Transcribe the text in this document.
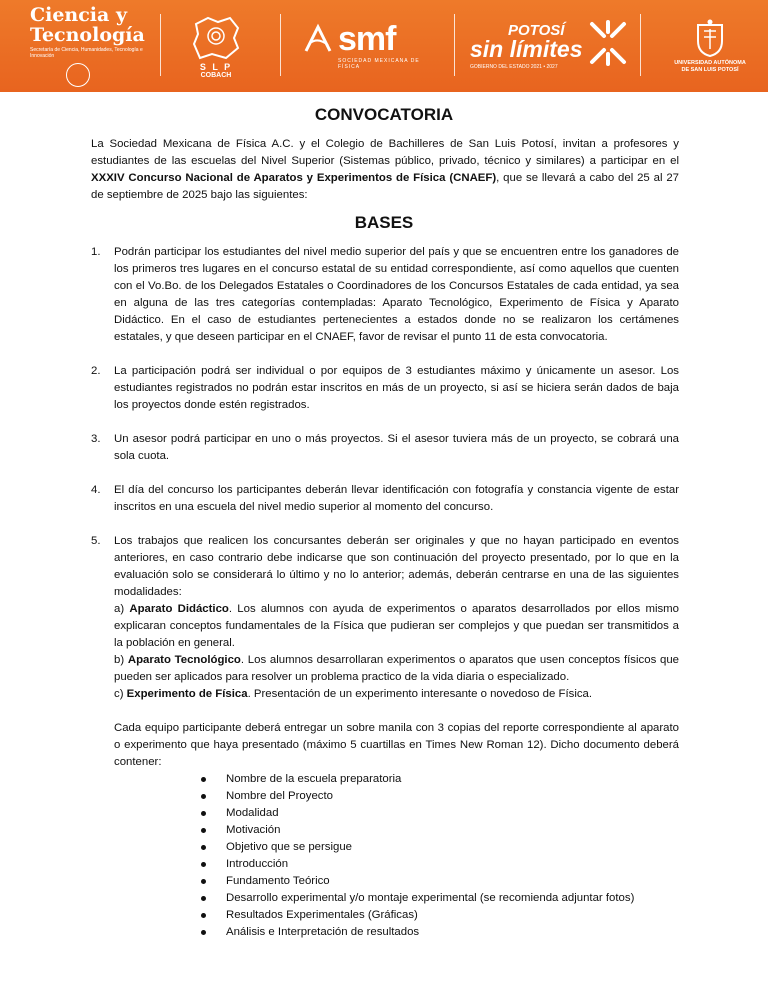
Ciencia y
Tecnología
Secretaría de Ciencia, Humanidades, Tecnología e Innovación
S L P
COBACH
smf
SOCIEDAD MEXICANA DE FÍSICA
POTOSÍ
sin límites
GOBIERNO DEL ESTADO 2021 • 2027
UNIVERSIDAD AUTÓNOMA
DE SAN LUIS POTOSÍ
CONVOCATORIA

La Sociedad Mexicana de Física A.C. y el Colegio de Bachilleres de San Luis Potosí, invitan a profesores y estudiantes de las escuelas del Nivel Superior (Sistemas público, privado, técnico y similares) a participar en el XXXIV Concurso Nacional de Aparatos y Experimentos de Física (CNAEF), que se llevará a cabo del 25 al 27 de septiembre de 2025 bajo las siguientes:

BASES
1. Podrán participar los estudiantes del nivel medio superior del país y que se encuentren entre los ganadores de los primeros tres lugares en el concurso estatal de su entidad correspondiente, así como aquellos que cuenten con el Vo.Bo. de los Delegados Estatales o Coordinadores de los Concursos Estatales de cada entidad, ya sea en alguna de las tres categorías contempladas: Aparato Tecnológico, Experimento de Física y Aparato Didáctico. En el caso de estudiantes pertenecientes a estados donde no se realizaron los certámenes estatales, y que deseen participar en el CNAEF, favor de revisar el punto 11 de esta convocatoria.
2. La participación podrá ser individual o por equipos de 3 estudiantes máximo y únicamente un asesor. Los estudiantes registrados no podrán estar inscritos en más de un proyecto, si así se hiciera serán dados de baja los proyectos donde estén registrados.
3. Un asesor podrá participar en uno o más proyectos. Si el asesor tuviera más de un proyecto, se cobrará una sola cuota.
4. El día del concurso los participantes deberán llevar identificación con fotografía y constancia vigente de estar inscritos en una escuela del nivel medio superior al momento del concurso.
5. Los trabajos que realicen los concursantes deberán ser originales y que no hayan participado en eventos anteriores, en caso contrario debe indicarse que son continuación del proyecto presentado, por lo que en la evaluación solo se considerará lo último y no lo anterior; además, deberán centrarse en una de las siguientes modalidades:

a) Aparato Didáctico. Los alumnos con ayuda de experimentos o aparatos desarrollados por ellos mismo explicaran conceptos fundamentales de la Física que pudieran ser complejos y que puedan ser transmitidos a la población en general.

b) Aparato Tecnológico. Los alumnos desarrollaran experimentos o aparatos que usen conceptos físicos que pueden ser aplicados para resolver un problema practico de la vida diaria o especializado.

c) Experimento de Física. Presentación de un experimento interesante o novedoso de Física.

Cada equipo participante deberá entregar un sobre manila con 3 copias del reporte correspondiente al aparato o experimento que haya presentado (máximo 5 cuartillas en Times New Roman 12). Dicho documento deberá contener:

Nombre de la escuela preparatoria
Nombre del Proyecto
Modalidad
Motivación
Objetivo que se persigue
Introducción
Fundamento Teórico
Desarrollo experimental y/o montaje experimental (se recomienda adjuntar fotos)
Resultados Experimentales (Gráficas)
Análisis e Interpretación de resultados
